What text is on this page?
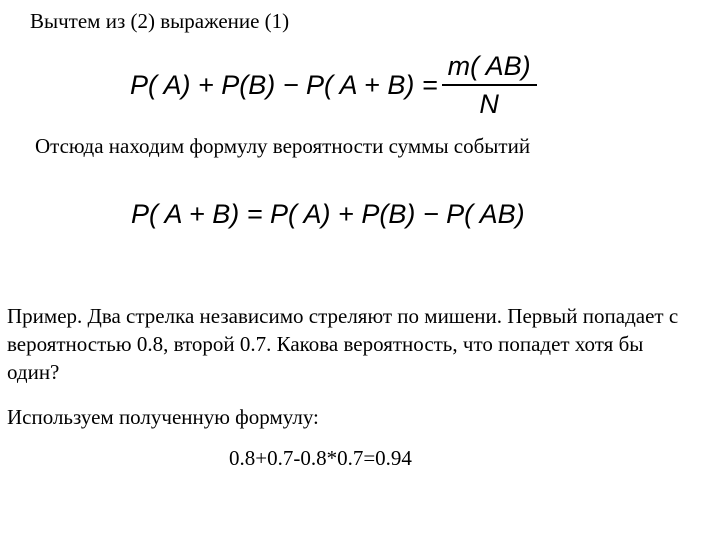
Вычтем из (2) выражение (1)
P( A) + P(B) − P( $A + B) = \frac{m( AB)}{N}$
Отсюда находим формулу вероятности суммы событий
P( A + B) = P( A) + P(B) − P( AB)
Пример. Два стрелка независимо стреляют по мишени. Первый попадает с вероятностью 0.8, второй 0.7. Какова вероятность, что попадет хотя бы один?
Используем полученную формулу:
0.8+0.7-0.8*0.7=0.94
